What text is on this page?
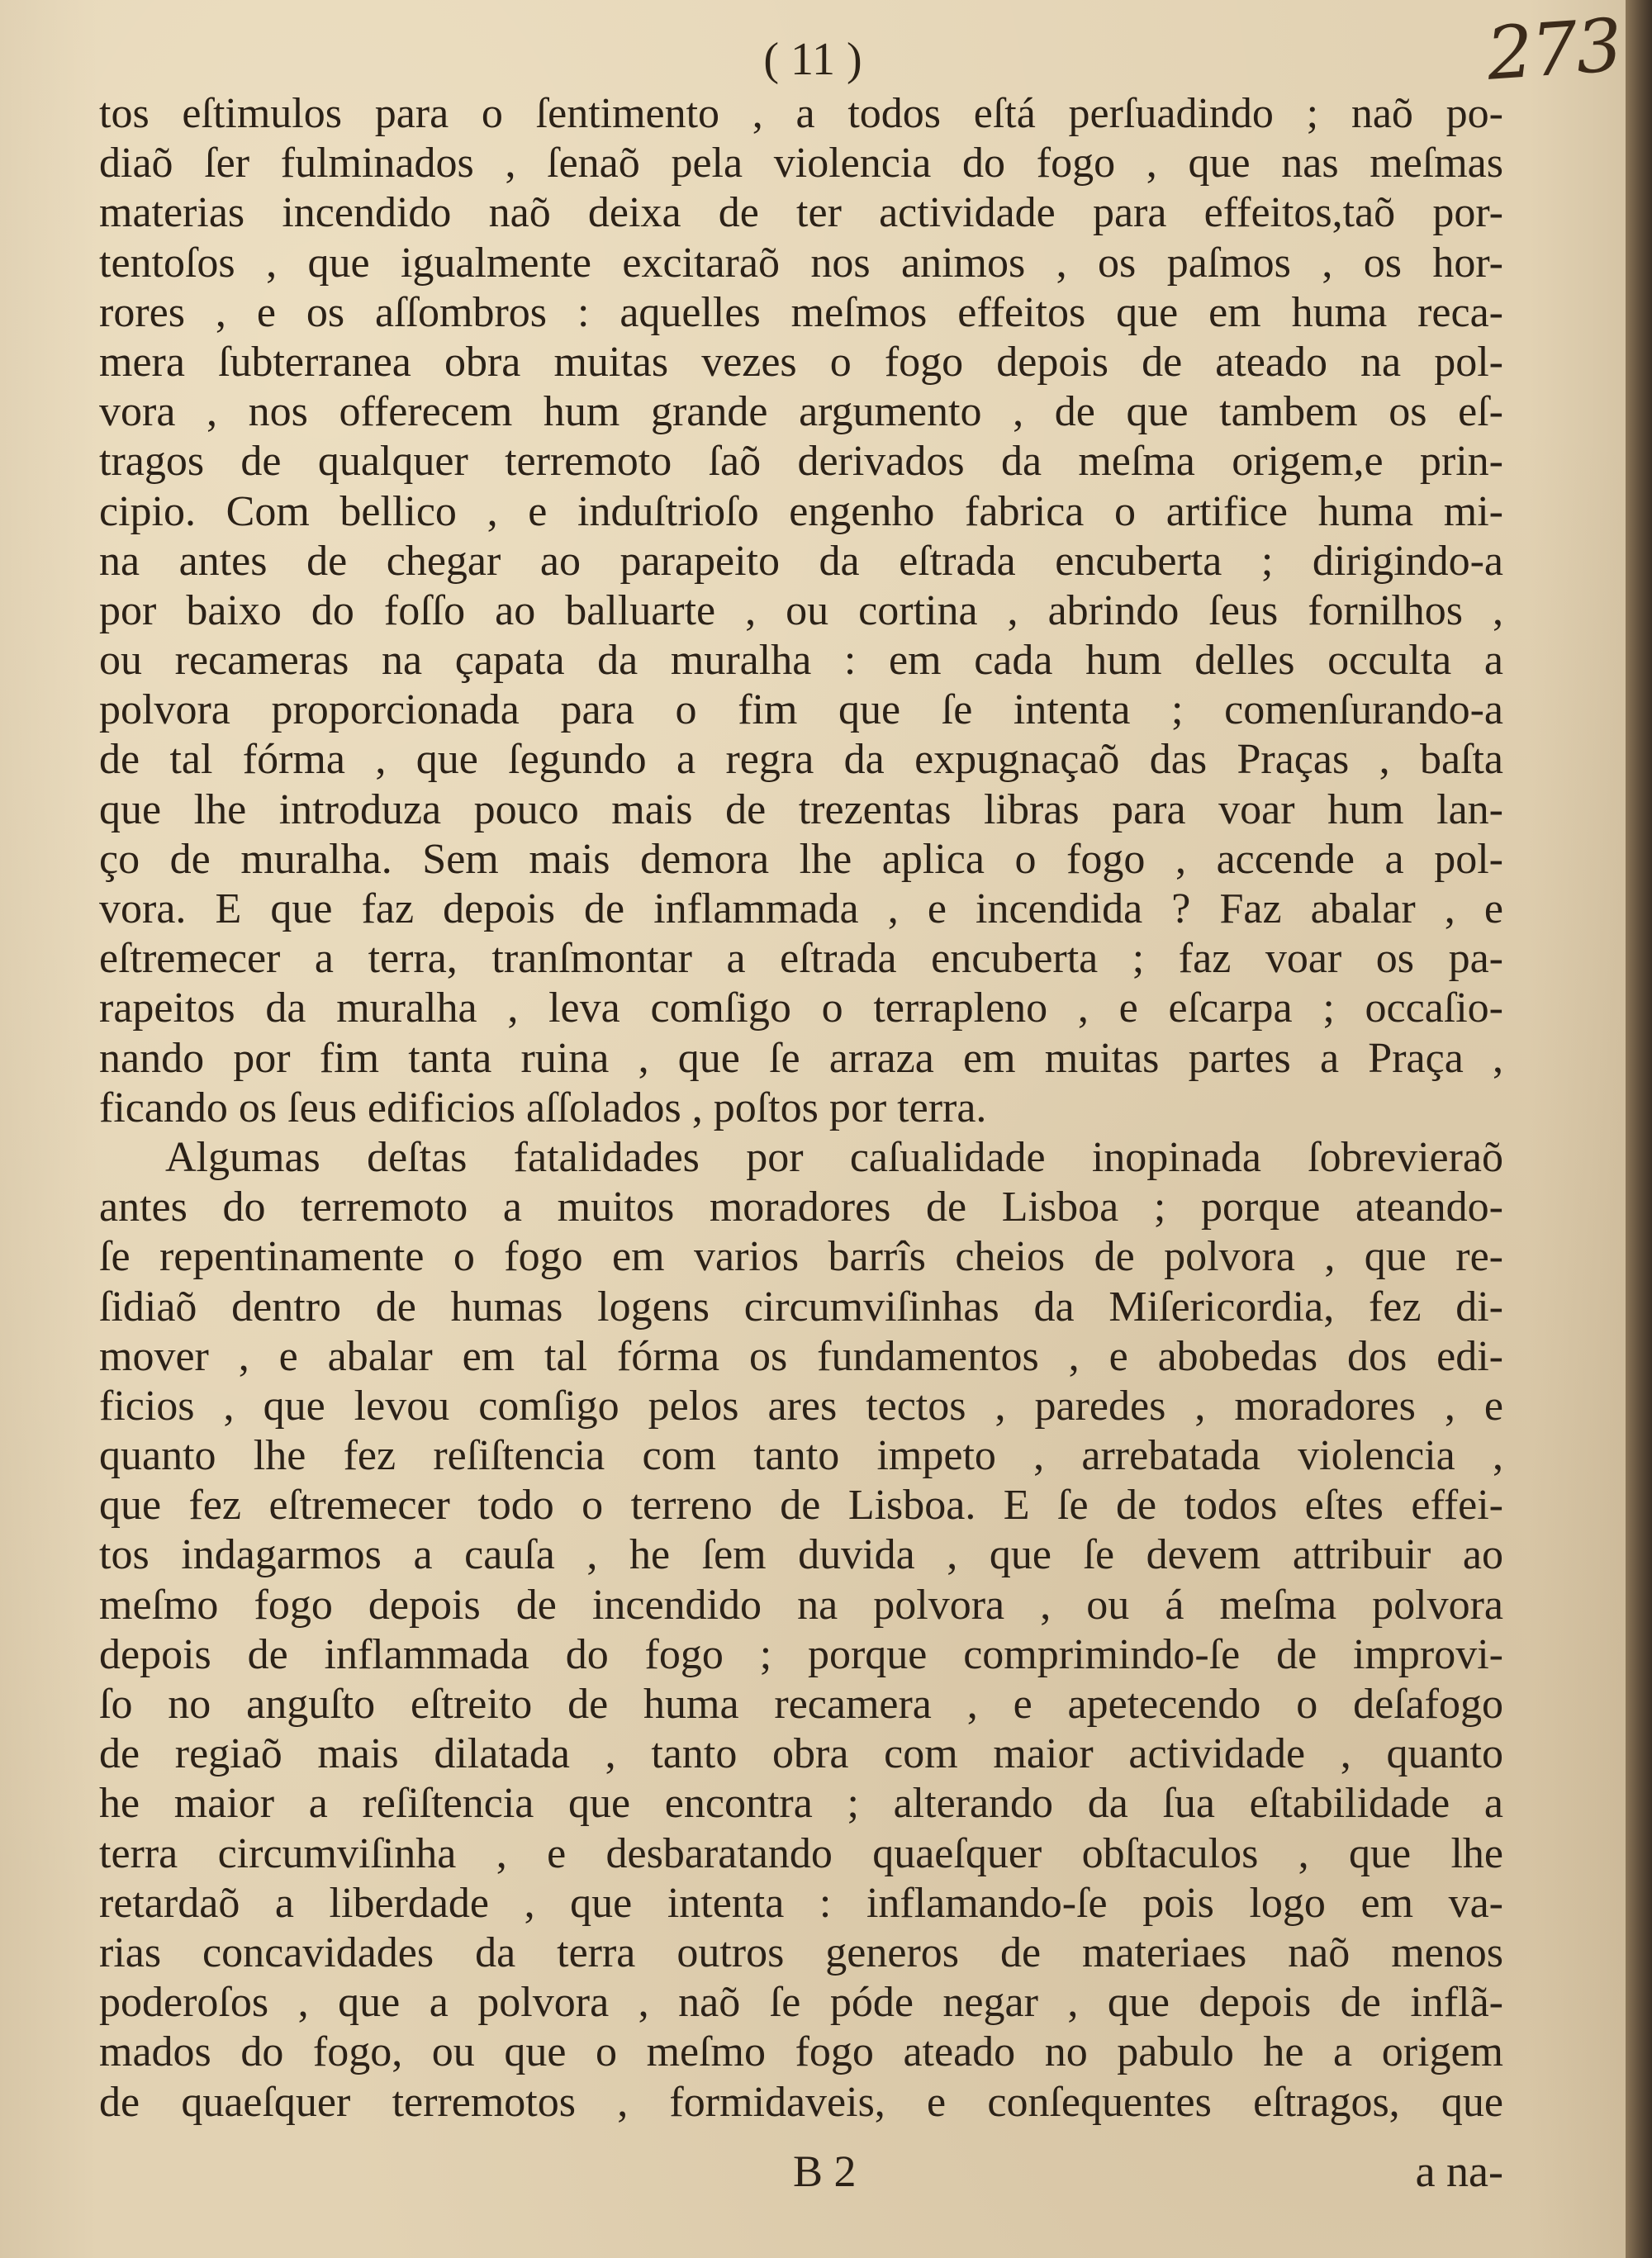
273
( 11 )
tos eſtimulos para o ſentimento , a todos eſtá perſuadindo ; naõ po-
diaõ ſer fulminados , ſenaõ pela violencia do fogo , que nas meſmas
materias incendido naõ deixa de ter actividade para effeitos,taõ por-
tentoſos , que igualmente excitaraõ nos animos , os paſmos , os hor-
rores , e os aſſombros : aquelles meſmos effeitos que em huma reca-
mera ſubterranea obra muitas vezes o fogo depois de ateado na pol-
vora , nos offerecem hum grande argumento , de que tambem os eſ-
tragos de qualquer terremoto ſaõ derivados da meſma origem,e prin-
cipio. Com bellico , e induſtrioſo engenho fabrica o artifice huma mi-
na antes de chegar ao parapeito da eſtrada encuberta ; dirigindo-a
por baixo do foſſo ao balluarte , ou cortina , abrindo ſeus fornilhos ,
ou recameras na çapata da muralha : em cada hum delles occulta a
polvora proporcionada para o fim que ſe intenta ; comenſurando-a
de tal fórma , que ſegundo a regra da expugnaçaõ das Praças , baſta
que lhe introduza pouco mais de trezentas libras para voar hum lan-
ço de muralha. Sem mais demora lhe aplica o fogo , accende a pol-
vora. E que faz depois de inflammada , e incendida ? Faz abalar , e
eſtremecer a terra, tranſmontar a eſtrada encuberta ; faz voar os pa-
rapeitos da muralha , leva comſigo o terrapleno , e eſcarpa ; occaſio-
nando por fim tanta ruina , que ſe arraza em muitas partes a Praça ,
ficando os ſeus edificios aſſolados , poſtos por terra.
Algumas deſtas fatalidades por caſualidade inopinada ſobrevieraõ
antes do terremoto a muitos moradores de Lisboa ; porque ateando-
ſe repentinamente o fogo em varios barrîs cheios de polvora , que re-
ſidiaõ dentro de humas logens circumviſinhas da Miſericordia, fez di-
mover , e abalar em tal fórma os fundamentos , e abobedas dos edi-
ficios , que levou comſigo pelos ares tectos , paredes , moradores , e
quanto lhe fez reſiſtencia com tanto impeto , arrebatada violencia ,
que fez eſtremecer todo o terreno de Lisboa. E ſe de todos eſtes effei-
tos indagarmos a cauſa , he ſem duvida , que ſe devem attribuir ao
meſmo fogo depois de incendido na polvora , ou á meſma polvora
depois de inflammada do fogo ; porque comprimindo-ſe de improvi-
ſo no anguſto eſtreito de huma recamera , e apetecendo o deſafogo
de regiaõ mais dilatada , tanto obra com maior actividade , quanto
he maior a reſiſtencia que encontra ; alterando da ſua eſtabilidade a
terra circumviſinha , e desbaratando quaeſquer obſtaculos , que lhe
retardaõ a liberdade , que intenta : inflamando-ſe pois logo em va-
rias concavidades da terra outros generos de materiaes naõ menos
poderoſos , que a polvora , naõ ſe póde negar , que depois de inflã-
mados do fogo, ou que o meſmo fogo ateado no pabulo he a origem
de quaeſquer terremotos , formidaveis, e conſequentes eſtragos, que
B 2	a na-
